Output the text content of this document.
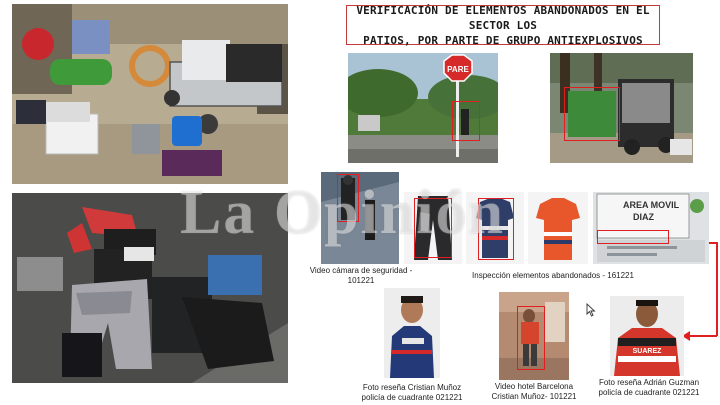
VERIFICACIÓN DE ELEMENTOS ABANDONADOS EN EL SECTOR LOS
PATIOS, POR PARTE DE GRUPO ANTIEXPLOSIVOS
PARE
AREA MOVIL
DIAZ
Video cámara de seguridad -
101221
Inspección elementos abandonados - 161221
SUAREZ
Foto reseña Cristian Muñoz
policía de cuadrante 021221
Video hotel Barcelona
Cristian Muñoz- 101221
Foto reseña Adrián Guzman
policía de cuadrante 021221
La Opinión
